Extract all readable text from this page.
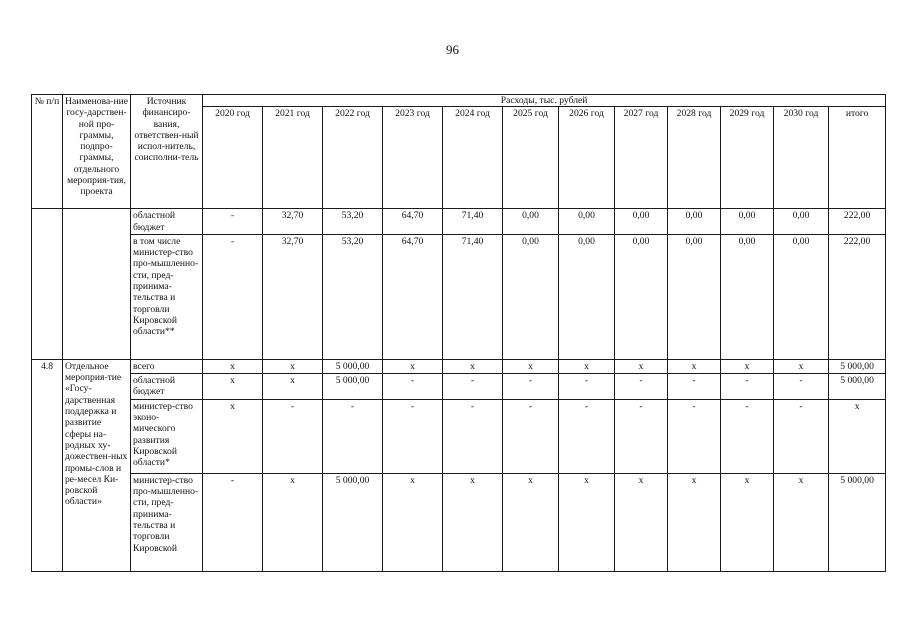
96
№ п/п	Наименова-ние госу-дарствен-ной про-граммы, подпро-граммы, отдельного мероприя-тия, проекта	Источник финансиро-вания, ответствен-ный испол-нитель, соисполни-тель	Расходы, тыс. рублей											
			2020 год	2021 год	2022 год	2023 год	2024 год	2025 год	2026 год	2027 год	2028 год	2029 год	2030 год	итого
		областной бюджет	-	32,70	53,20	64,70	71,40	0,00	0,00	0,00	0,00	0,00	0,00	222,00
		в том числе министер-ство про-мышленно-сти, пред-принима-тельства и торговли Кировской области**	-	32,70	53,20	64,70	71,40	0,00	0,00	0,00	0,00	0,00	0,00	222,00
4.8	Отдельное мероприя-тие «Госу-дарственная поддержка и развитие сферы на-родных ху-дожествен-ных промы-слов и ре-месел Ки-ровской области»	всего	x	x	5 000,00	x	x	x	x	x	x	x	x	5 000,00
		областной бюджет	x	x	5 000,00	-	-	-	-	-	-	-	-	5 000,00
		министер-ство эконо-мического развития Кировской области*	x	-	-	-	-	-	-	-	-	-	-	x
		министер-ство про-мышленно-сти, пред-принима-тельства и торговли Кировской	-	x	5 000,00	x	x	x	x	x	x	x	x	5 000,00
